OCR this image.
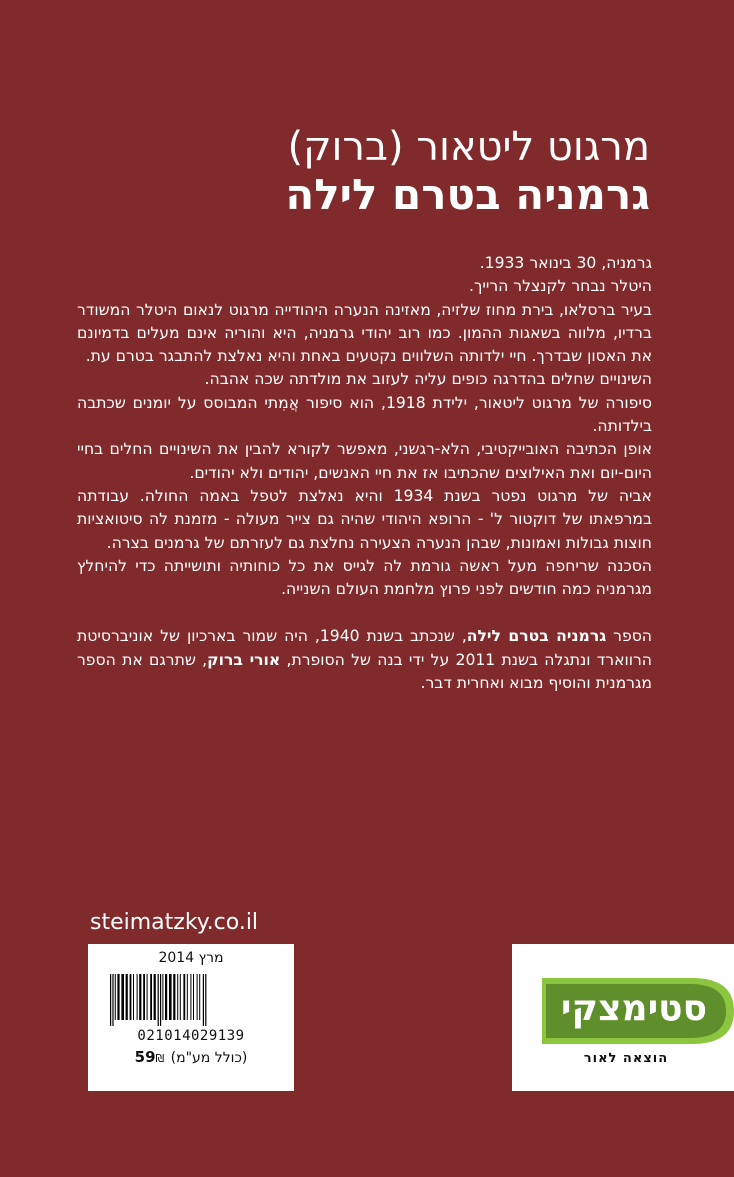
מרגוט ליטאור (ברוק)
גרמניה בטרם לילה

גרמניה, 30 בינואר 1933.

היטלר נבחר לקנצלר הרייך.

בעיר ברסלאו, בירת מחוז שלזיה, מאזינה הנערה היהודייה מרגוט לנאום היטלר המשודר ברדיו, מלווה בשאגות ההמון. כמו רוב יהודי גרמניה, היא והוריה אינם מעלים בדמיונם את האסון שבדרך. חיי ילדותה השלווים נקטעים באחת והיא נאלצת להתבגר בטרם עת.

השינויים שחלים בהדרגה כופים עליה לעזוב את מולדתה שכה אהבה.

סיפורה של מרגוט ליטאור, ילידת 1918, הוא סיפור אֲמִתי המבוסס על יומנים שכתבה בילדותה.

אופן הכתיבה האובייקטיבי, הלא-רגשני, מאפשר לקורא להבין את השינויים החלים בחיי היום-יום ואת האילוצים שהכתיבו אז את חיי האנשים, יהודים ולא יהודים.

אביה של מרגוט נפטר בשנת 1934 והיא נאלצת לטפל באמה החולה. עבודתה במרפאתו של דוקטור ל' - הרופא היהודי שהיה גם צייר מעולה - מזמנת לה סיטואציות חוצות גבולות ואמונות, שבהן הנערה הצעירה נחלצת גם לעזרתם של גרמנים בצרה.

הסכנה שריחפה מעל ראשה גורמת לה לגייס את כל כוחותיה ותושייתה כדי להיחלץ מגרמניה כמה חודשים לפני פרוץ מלחמת העולם השנייה.

הספר גרמניה בטרם לילה, שנכתב בשנת 1940, היה שמור בארכיון של אוניברסיטת הרווארד ונתגלה בשנת 2011 על ידי בנה של הסופרת, אורי ברוק, שתרגם את הספר מגרמנית והוסיף מבוא ואחרית דבר.

steimatzky.co.il
מרץ 2014
021014029139
59₪ (כולל מע"מ)
סטימצקי
הוצאה לאור
